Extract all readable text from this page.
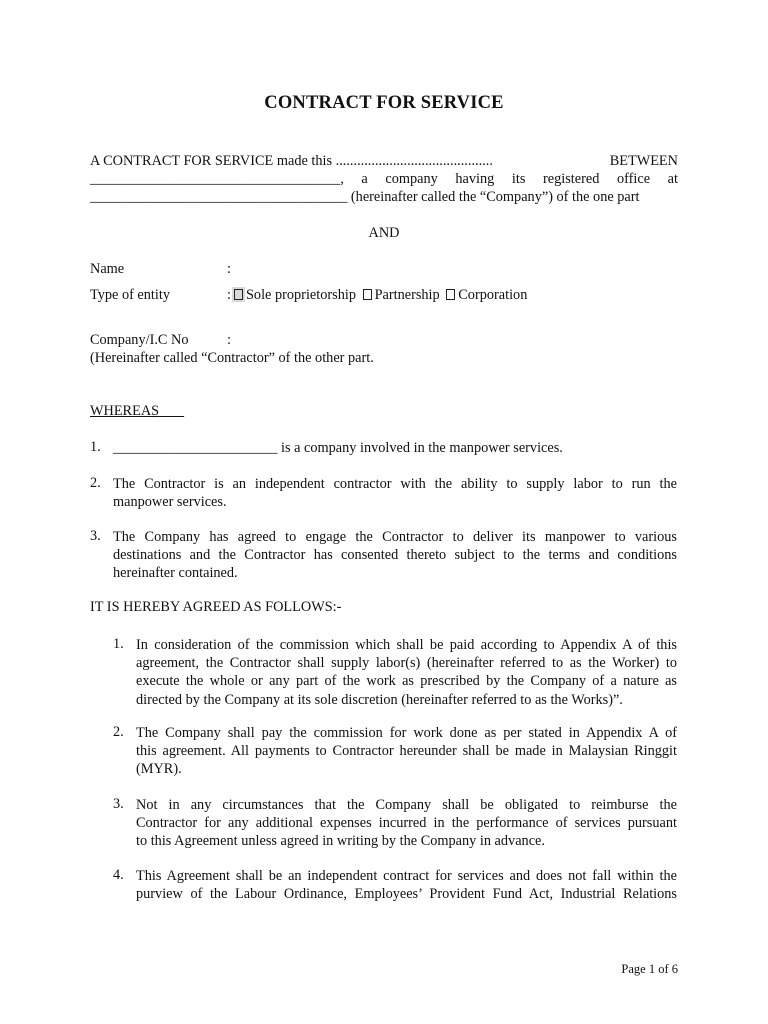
CONTRACT FOR SERVICE
A CONTRACT FOR SERVICE made this ............................................	BETWEEN
___________________________________, a company having its registered office at
____________________________________ (hereinafter called the “Company”) of the one part
AND
Name	:
Type of entity	: Sole proprietorship Partnership Corporation
Company/I.C No	:
(Hereinafter called “Contractor” of the other part.
WHEREAS
1. _______________________ is a company involved in the manpower services.
2. The Contractor is an independent contractor with the ability to supply labor to run the
manpower services.
3. The Company has agreed to engage the Contractor to deliver its manpower to various
destinations and the Contractor has consented thereto subject to the terms and conditions
hereinafter contained.
IT IS HEREBY AGREED AS FOLLOWS:-
1. In consideration of the commission which shall be paid according to Appendix A of this
agreement, the Contractor shall supply labor(s) (hereinafter referred to as the Worker) to
execute the whole or any part of the work as prescribed by the Company of a nature as
directed by the Company at its sole discretion (hereinafter referred to as the Works)”.
2. The Company shall pay the commission for work done as per stated in Appendix A of
this agreement. All payments to Contractor hereunder shall be made in Malaysian Ringgit
(MYR).
3. Not in any circumstances that the Company shall be obligated to reimburse the
Contractor for any additional expenses incurred in the performance of services pursuant
to this Agreement unless agreed in writing by the Company in advance.
4. This Agreement shall be an independent contract for services and does not fall within the
purview of the Labour Ordinance, Employees’ Provident Fund Act, Industrial Relations
Page 1 of 6
